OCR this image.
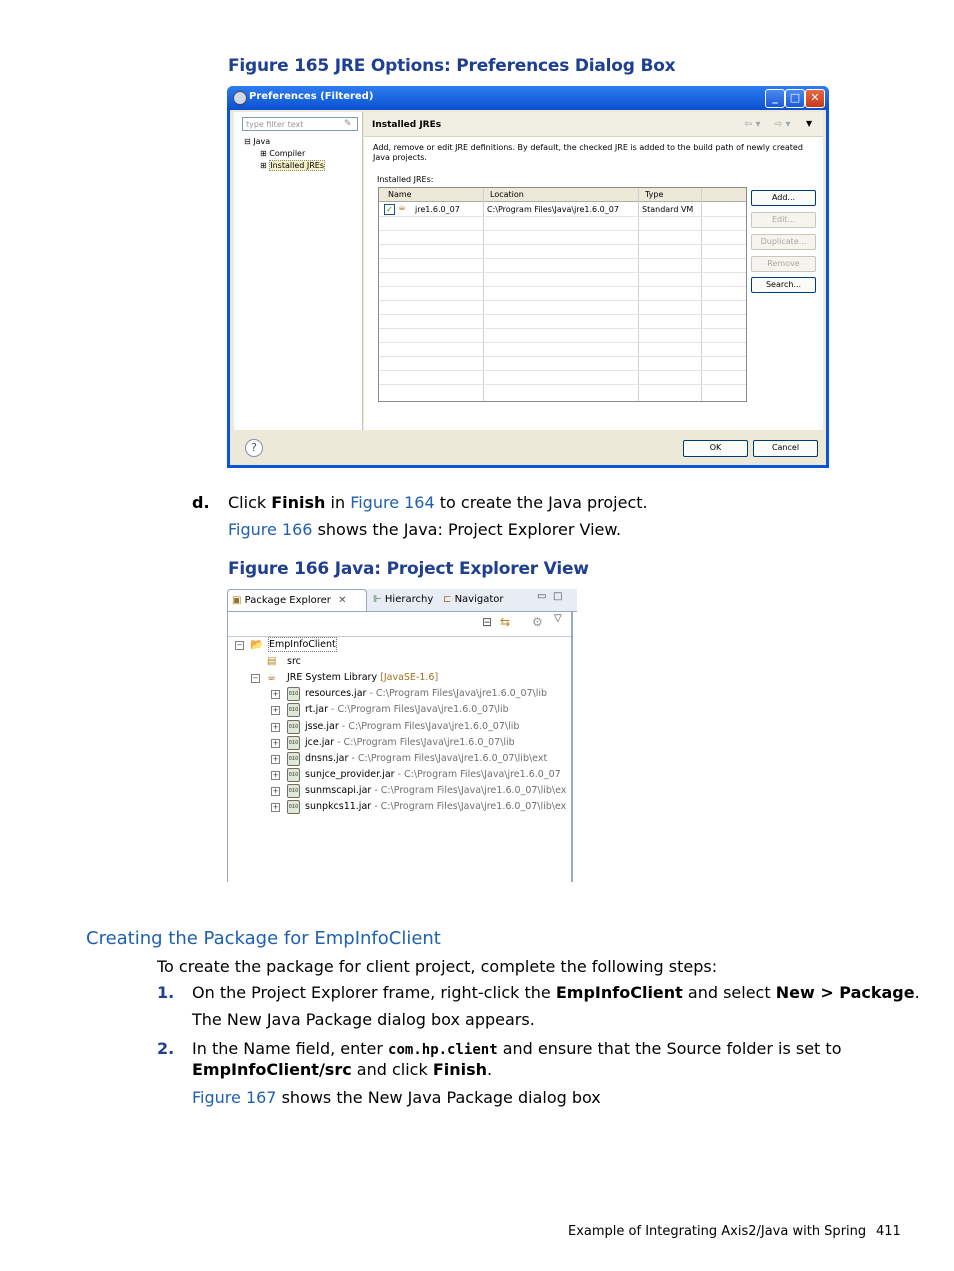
Figure 165 JRE Options: Preferences Dialog Box
Preferences (Filtered)	_	□ ✕
type filter text	✎
⊟ Java
⊞ Compiler
⊞ Installed JREs
Installed JREs	⇦ ▾ ⇨ ▾ ▼
Add, remove or edit JRE definitions. By default, the checked JRE is added to the build path of newly created Java projects.
Installed JREs:
Name	Location	Type
✓ ☕ jre1.6.0_07	C:\Program Files\Java\jre1.6.0_07	Standard VM
Add...
Edit...
Duplicate...
Remove
Search...
?	OK	Cancel
d. Click Finish in Figure 164 to create the Java project.
Figure 166 shows the Java: Project Explorer View.
Figure 166 Java: Project Explorer View
▣ Package Explorer ✕	⊩ Hierarchy ⊏ Navigator	▭ □
⊟ ⇆ ⚙ ▽
− 📂 EmpInfoClient
▤ src
− ☕ JRE System Library [JavaSE-1.6]
+	010 resources.jar - C:\Program Files\Java\jre1.6.0_07\lib
+	010 rt.jar - C:\Program Files\Java\jre1.6.0_07\lib
+	010 jsse.jar - C:\Program Files\Java\jre1.6.0_07\lib
+	010 jce.jar - C:\Program Files\Java\jre1.6.0_07\lib
+	010 dnsns.jar - C:\Program Files\Java\jre1.6.0_07\lib\ext
+	010 sunjce_provider.jar - C:\Program Files\Java\jre1.6.0_07
+	010 sunmscapi.jar - C:\Program Files\Java\jre1.6.0_07\lib\ex
+	010 sunpkcs11.jar - C:\Program Files\Java\jre1.6.0_07\lib\ex
Creating the Package for EmpInfoClient
To create the package for client project, complete the following steps:
1. On the Project Explorer frame, right-click the EmpInfoClient and select New > Package.
The New Java Package dialog box appears.
2. In the Name field, enter com.hp.client and ensure that the Source folder is set to
EmpInfoClient/src and click Finish.
Figure 167 shows the New Java Package dialog box
Example of Integrating Axis2/Java with Spring 411
